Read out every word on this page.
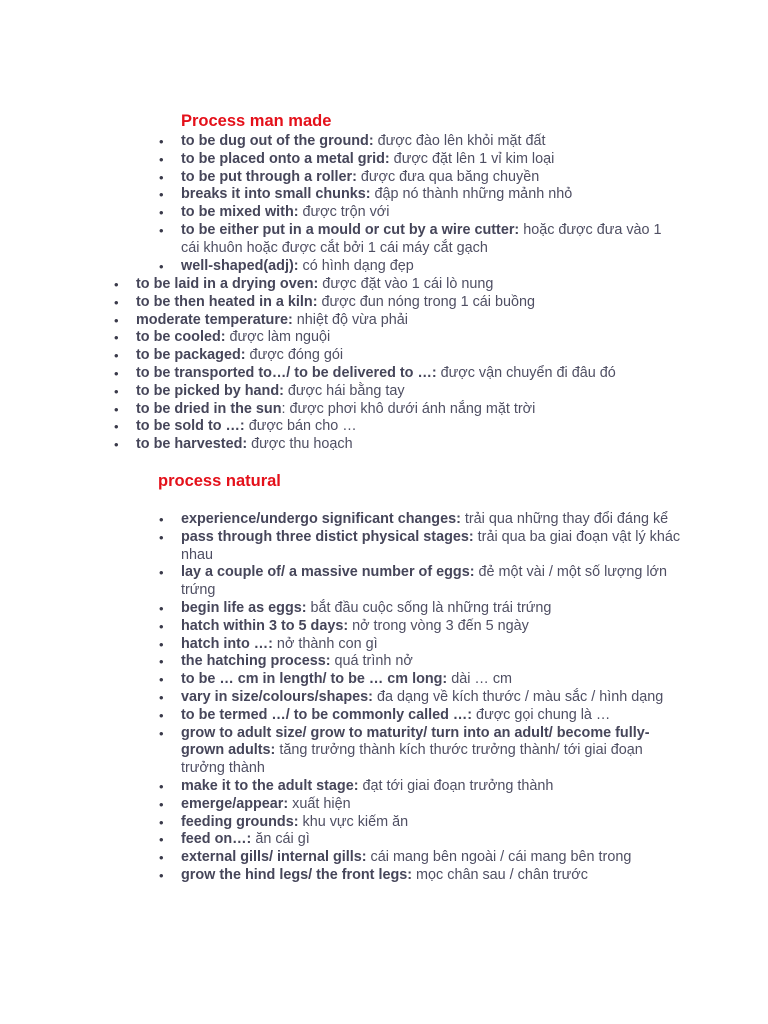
Process man made
• to be dug out of the ground: được đào lên khỏi mặt đất
• to be placed onto a metal grid: được đặt lên 1 vỉ kim loại
• to be put through a roller: được đưa qua băng chuyền
• breaks it into small chunks: đập nó thành những mảnh nhỏ
• to be mixed with: được trộn với
• to be either put in a mould or cut by a wire cutter: hoặc được đưa vào 1 cái khuôn hoặc được cắt bởi 1 cái máy cắt gạch
• well-shaped(adj): có hình dạng đẹp
• to be laid in a drying oven: được đặt vào 1 cái lò nung
• to be then heated in a kiln: được đun nóng trong 1 cái buồng
• moderate temperature: nhiệt độ vừa phải
• to be cooled: được làm nguội
• to be packaged: được đóng gói
• to be transported to…/ to be delivered to …: được vận chuyển đi đâu đó
• to be picked by hand: được hái bằng tay
• to be dried in the sun: được phơi khô dưới ánh nắng mặt trời
• to be sold to …: được bán cho …
• to be harvested: được thu hoạch
process natural
• experience/undergo significant changes: trải qua những thay đổi đáng kể
• pass through three distict physical stages: trải qua ba giai đoạn vật lý khác nhau
• lay a couple of/ a massive number of eggs: đẻ một vài / một số lượng lớn trứng
• begin life as eggs: bắt đầu cuộc sống là những trái trứng
• hatch within 3 to 5 days: nở trong vòng 3 đến 5 ngày
• hatch into …: nở thành con gì
• the hatching process: quá trình nở
• to be … cm in length/ to be … cm long: dài … cm
• vary in size/colours/shapes: đa dạng về kích thước / màu sắc / hình dạng
• to be termed …/ to be commonly called …: được gọi chung là …
• grow to adult size/ grow to maturity/ turn into an adult/ become fully-grown adults: tăng trưởng thành kích thước trưởng thành/ tới giai đoạn trưởng thành
• make it to the adult stage: đạt tới giai đoạn trưởng thành
• emerge/appear: xuất hiện
• feeding grounds: khu vực kiếm ăn
• feed on…: ăn cái gì
• external gills/ internal gills: cái mang bên ngoài / cái mang bên trong
• grow the hind legs/ the front legs: mọc chân sau / chân trước
